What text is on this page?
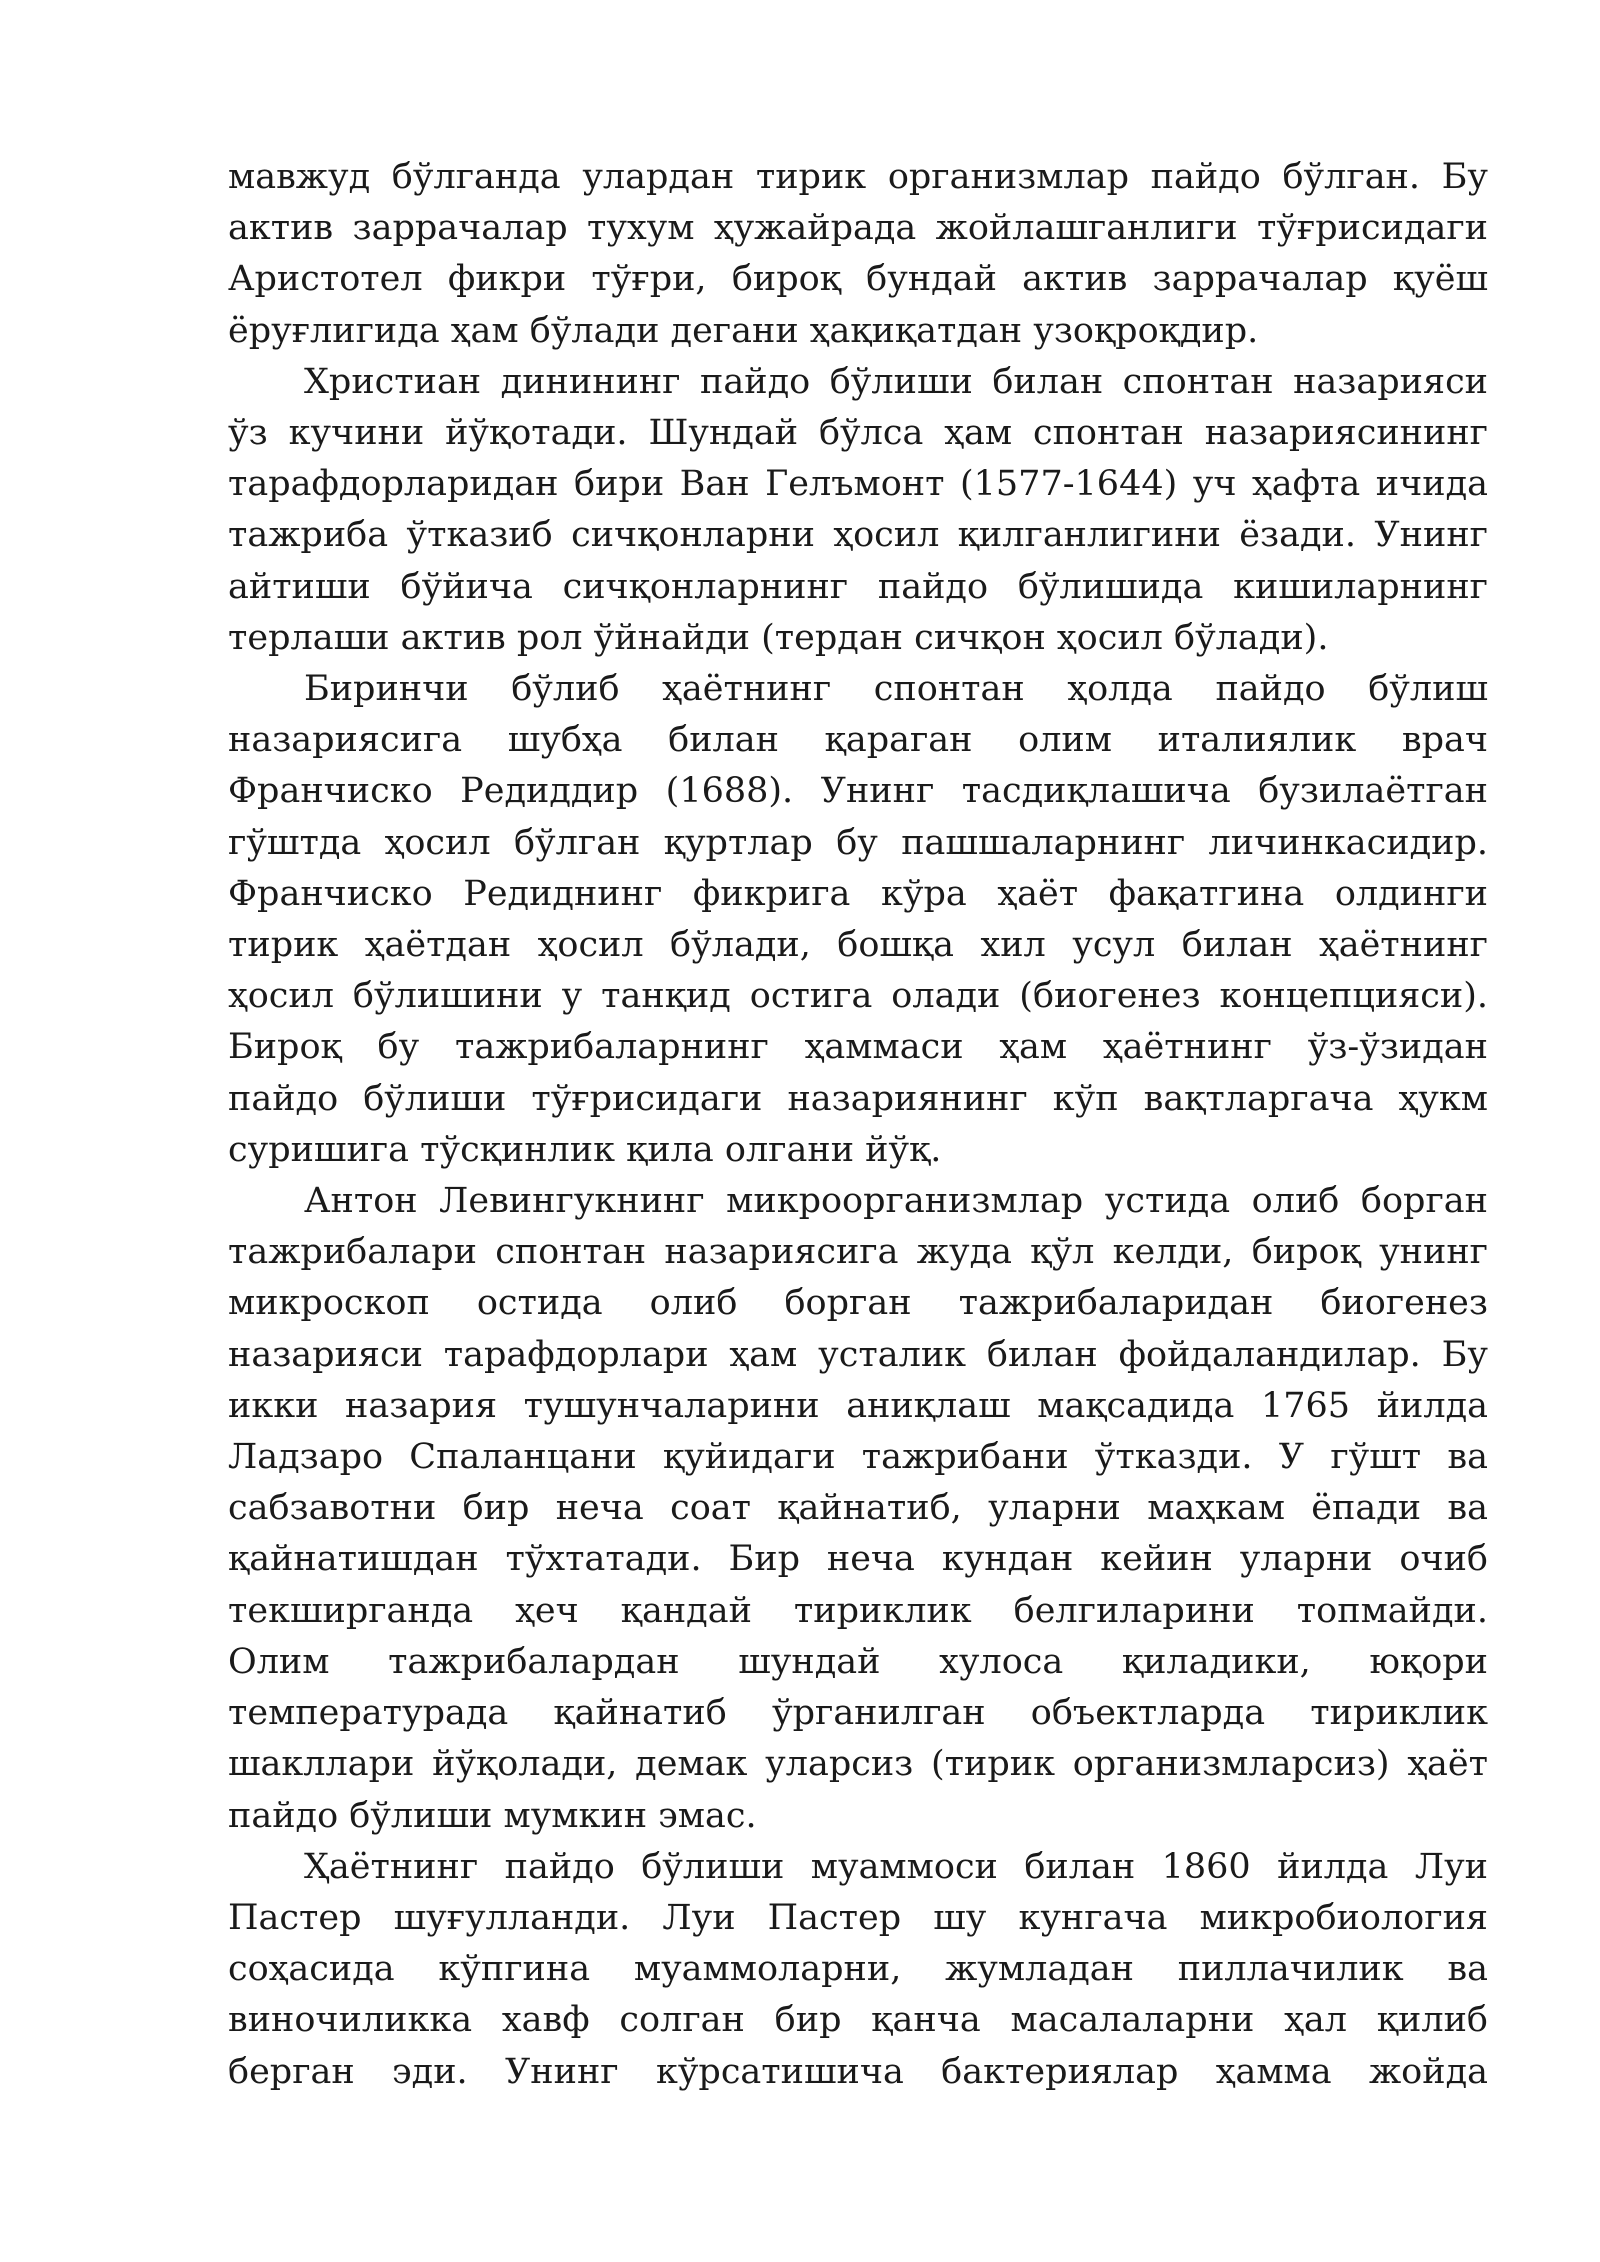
мавжуд бўлганда улардан тирик организмлар пайдо бўлган. Бу
актив заррачалар тухум ҳужайрада жойлашганлиги тўғрисидаги
Аристотел фикри тўғри, бироқ бундай актив заррачалар қуёш
ёруғлигида ҳам бўлади дегани ҳақиқатдан узоқроқдир.
Христиан динининг пайдо бўлиши билан спонтан назарияси
ўз кучини йўқотади. Шундай бўлса ҳам спонтан назариясининг
тарафдорларидан бири Ван Гелъмонт (1577-1644) уч ҳафта ичида
тажриба ўтказиб сичқонларни ҳосил қилганлигини ёзади. Унинг
айтиши бўйича сичқонларнинг пайдо бўлишида кишиларнинг
терлаши актив рол ўйнайди (тердан сичқон ҳосил бўлади).
Биринчи бўлиб ҳаётнинг спонтан ҳолда пайдо бўлиш
назариясига шубҳа билан қараган олим италиялик врач
Франчиско Редиддир (1688). Унинг тасдиқлашича бузилаётган
гўштда ҳосил бўлган қуртлар бу пашшаларнинг личинкасидир.
Франчиско Редиднинг фикрига кўра ҳаёт фақатгина олдинги
тирик ҳаётдан ҳосил бўлади, бошқа хил усул билан ҳаётнинг
ҳосил бўлишини у танқид остига олади (биогенез концепцияси).
Бироқ бу тажрибаларнинг ҳаммаси ҳам ҳаётнинг ўз-ўзидан
пайдо бўлиши тўғрисидаги назариянинг кўп вақтларгача ҳукм
суришига тўсқинлик қила олгани йўқ.
Антон Левингукнинг микроорганизмлар устида олиб борган
тажрибалари спонтан назариясига жуда қўл келди, бироқ унинг
микроскоп остида олиб борган тажрибаларидан биогенез
назарияси тарафдорлари ҳам усталик билан фойдаландилар. Бу
икки назария тушунчаларини аниқлаш мақсадида 1765 йилда
Ладзаро Спаланцани қуйидаги тажрибани ўтказди. У гўшт ва
сабзавотни бир неча соат қайнатиб, уларни маҳкам ёпади ва
қайнатишдан тўхтатади. Бир неча кундан кейин уларни очиб
текширганда ҳеч қандай тириклик белгиларини топмайди.
Олим тажрибалардан шундай хулоса қиладики, юқори
температурада қайнатиб ўрганилган объектларда тириклик
шакллари йўқолади, демак уларсиз (тирик организмларсиз) ҳаёт
пайдо бўлиши мумкин эмас.
Ҳаётнинг пайдо бўлиши муаммоси билан 1860 йилда Луи
Пастер шуғулланди. Луи Пастер шу кунгача микробиология
соҳасида кўпгина муаммоларни, жумладан пиллачилик ва
виночиликка хавф солган бир қанча масалаларни ҳал қилиб
берган эди. Унинг кўрсатишича бактериялар ҳамма жойда
